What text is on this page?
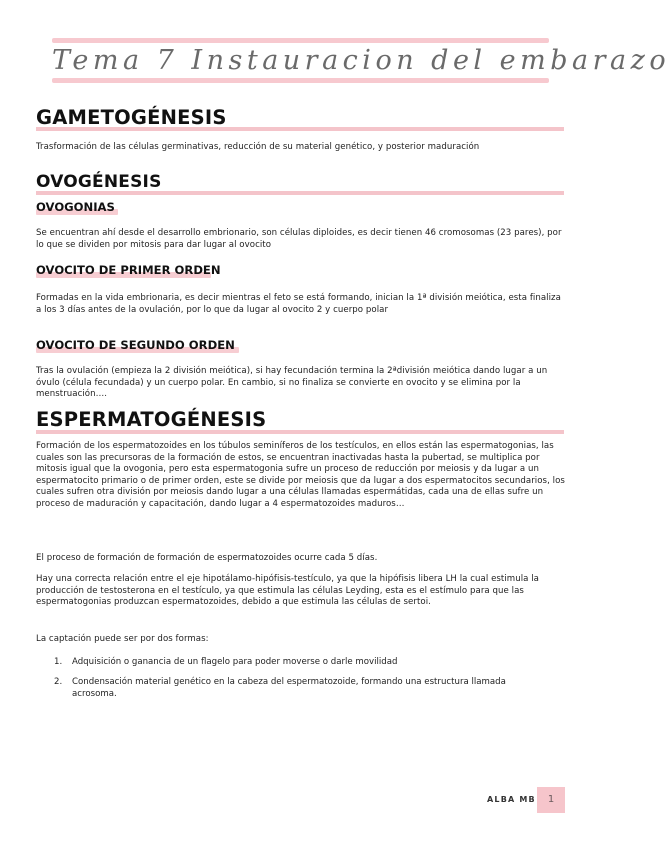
Tema 7 Instauracion del embarazo
GAMETOGÉNESIS
Trasformación de las células germinativas, reducción de su material genético, y posterior maduración
OVOGÉNESIS
OVOGONIAS
Se encuentran ahí desde el desarrollo embrionario, son células diploides, es decir tienen 46 cromosomas (23 pares), por lo que se dividen por mitosis para dar lugar al ovocito
OVOCITO DE PRIMER ORDEN
Formadas en la vida embrionaria, es decir mientras el feto se está formando, inician la 1ª división meiótica, esta finaliza a los 3 días antes de la ovulación, por lo que da lugar al ovocito 2 y cuerpo polar
OVOCITO DE SEGUNDO ORDEN
Tras la ovulación (empieza la 2 división meiótica), si hay fecundación termina la 2ªdivisión meiótica dando lugar a un óvulo (célula fecundada) y un cuerpo polar. En cambio, si no finaliza se convierte en ovocito y se elimina por la menstruación….
ESPERMATOGÉNESIS
Formación de los espermatozoides en los túbulos seminíferos de los testículos, en ellos están las espermatogonias, las cuales son las precursoras de la formación de estos, se encuentran inactivadas hasta la pubertad, se multiplica por mitosis igual que la ovogonia, pero esta espermatogonia sufre un proceso de reducción por meiosis y da lugar a un espermatocito primario o de primer orden, este se divide por meiosis que da lugar a dos espermatocitos secundarios, los cuales sufren otra división por meiosis dando lugar a una células llamadas espermátidas, cada una de ellas sufre un proceso de maduración y capacitación, dando lugar a 4 espermatozoides maduros…
El proceso de formación de formación de espermatozoides ocurre cada 5 días.
Hay una correcta relación entre el eje hipotálamo-hipófisis-testículo, ya que la hipófisis libera LH la cual estimula la producción de testosterona en el testículo, ya que estimula las células Leyding, esta es el estímulo para que las espermatogonias produzcan espermatozoides, debido a que estimula las células de sertoi.
La captación puede ser por dos formas:
1. Adquisición o ganancia de un flagelo para poder moverse o darle movilidad
2. Condensación material genético en la cabeza del espermatozoide, formando una estructura llamada acrosoma.
ALBA MB	1
